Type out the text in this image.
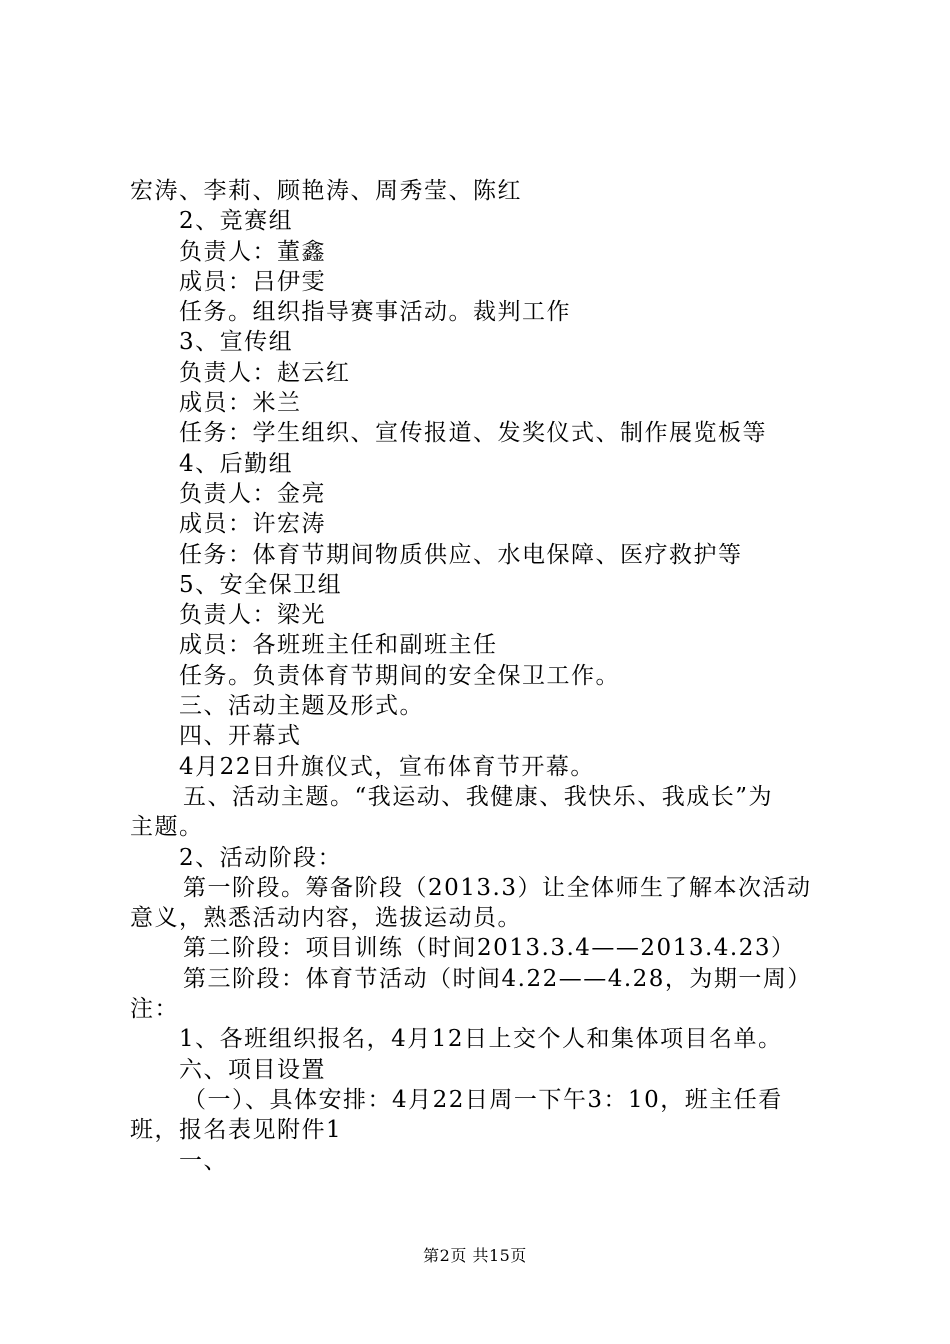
宏涛、李莉、顾艳涛、周秀莹、陈红
2、竞赛组
负责人：董鑫
成员：吕伊雯
任务。组织指导赛事活动。裁判工作
3、宣传组
负责人：赵云红
成员：米兰
任务：学生组织、宣传报道、发奖仪式、制作展览板等
4、后勤组
负责人：金亮
成员：许宏涛
任务：体育节期间物质供应、水电保障、医疗救护等
5、安全保卫组
负责人：梁光
成员：各班班主任和副班主任
任务。负责体育节期间的安全保卫工作。
三、活动主题及形式。
四、开幕式
4月22日升旗仪式，宣布体育节开幕。
五、活动主题。“我运动、我健康、我快乐、我成长”为
主题。
2、活动阶段：
第一阶段。筹备阶段（2013.3）让全体师生了解本次活动
意义，熟悉活动内容，选拔运动员。
第二阶段：项目训练（时间2013.3.4——2013.4.23）
第三阶段：体育节活动（时间4.22——4.28，为期一周）
注：
1、各班组织报名，4月12日上交个人和集体项目名单。
六、项目设置
（一）、具体安排：4月22日周一下午3：10，班主任看
班，报名表见附件1
一、
第2页 共15页
